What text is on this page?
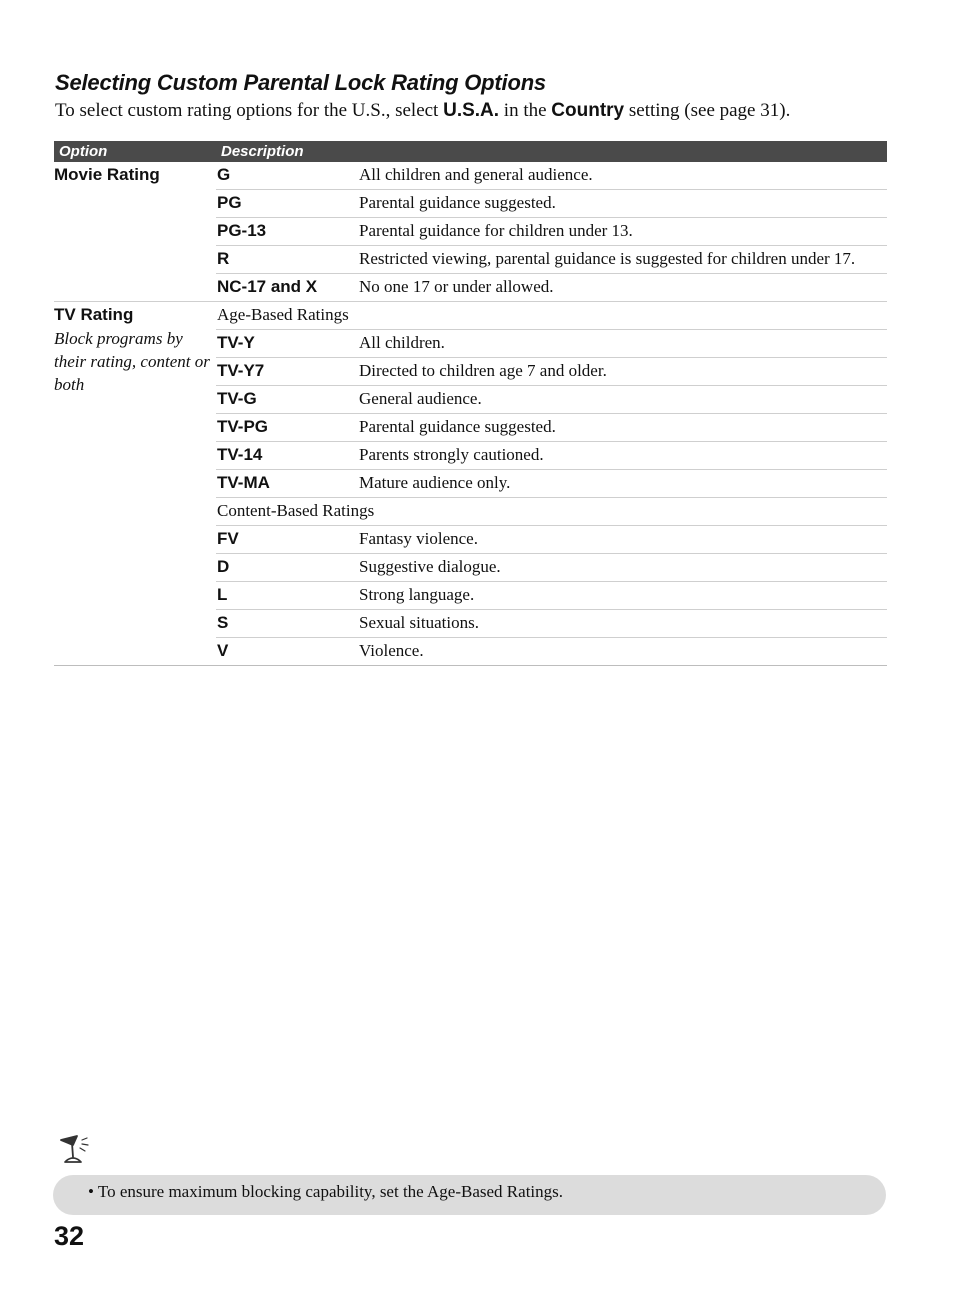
Selecting Custom Parental Lock Rating Options

To select custom rating options for the U.S., select U.S.A. in the Country setting (see page 31).

Option	Description	

Movie Rating	G	All children and general audience.
	PG	Parental guidance suggested.
	PG-13	Parental guidance for children under 13.
	R	Restricted viewing, parental guidance is suggested for children under 17.
	NC-17 and X	No one 17 or under allowed.

TV Rating
Block programs by their rating, content or both	Age-Based Ratings	
	TV-Y	All children.
	TV-Y7	Directed to children age 7 and older.
	TV-G	General audience.
	TV-PG	Parental guidance suggested.
	TV-14	Parents strongly cautioned.
	TV-MA	Mature audience only.
	Content-Based Ratings	
	FV	Fantasy violence.
	D	Suggestive dialogue.
	L	Strong language.
	S	Sexual situations.
	V	Violence.
• To ensure maximum blocking capability, set the Age-Based Ratings.

32
